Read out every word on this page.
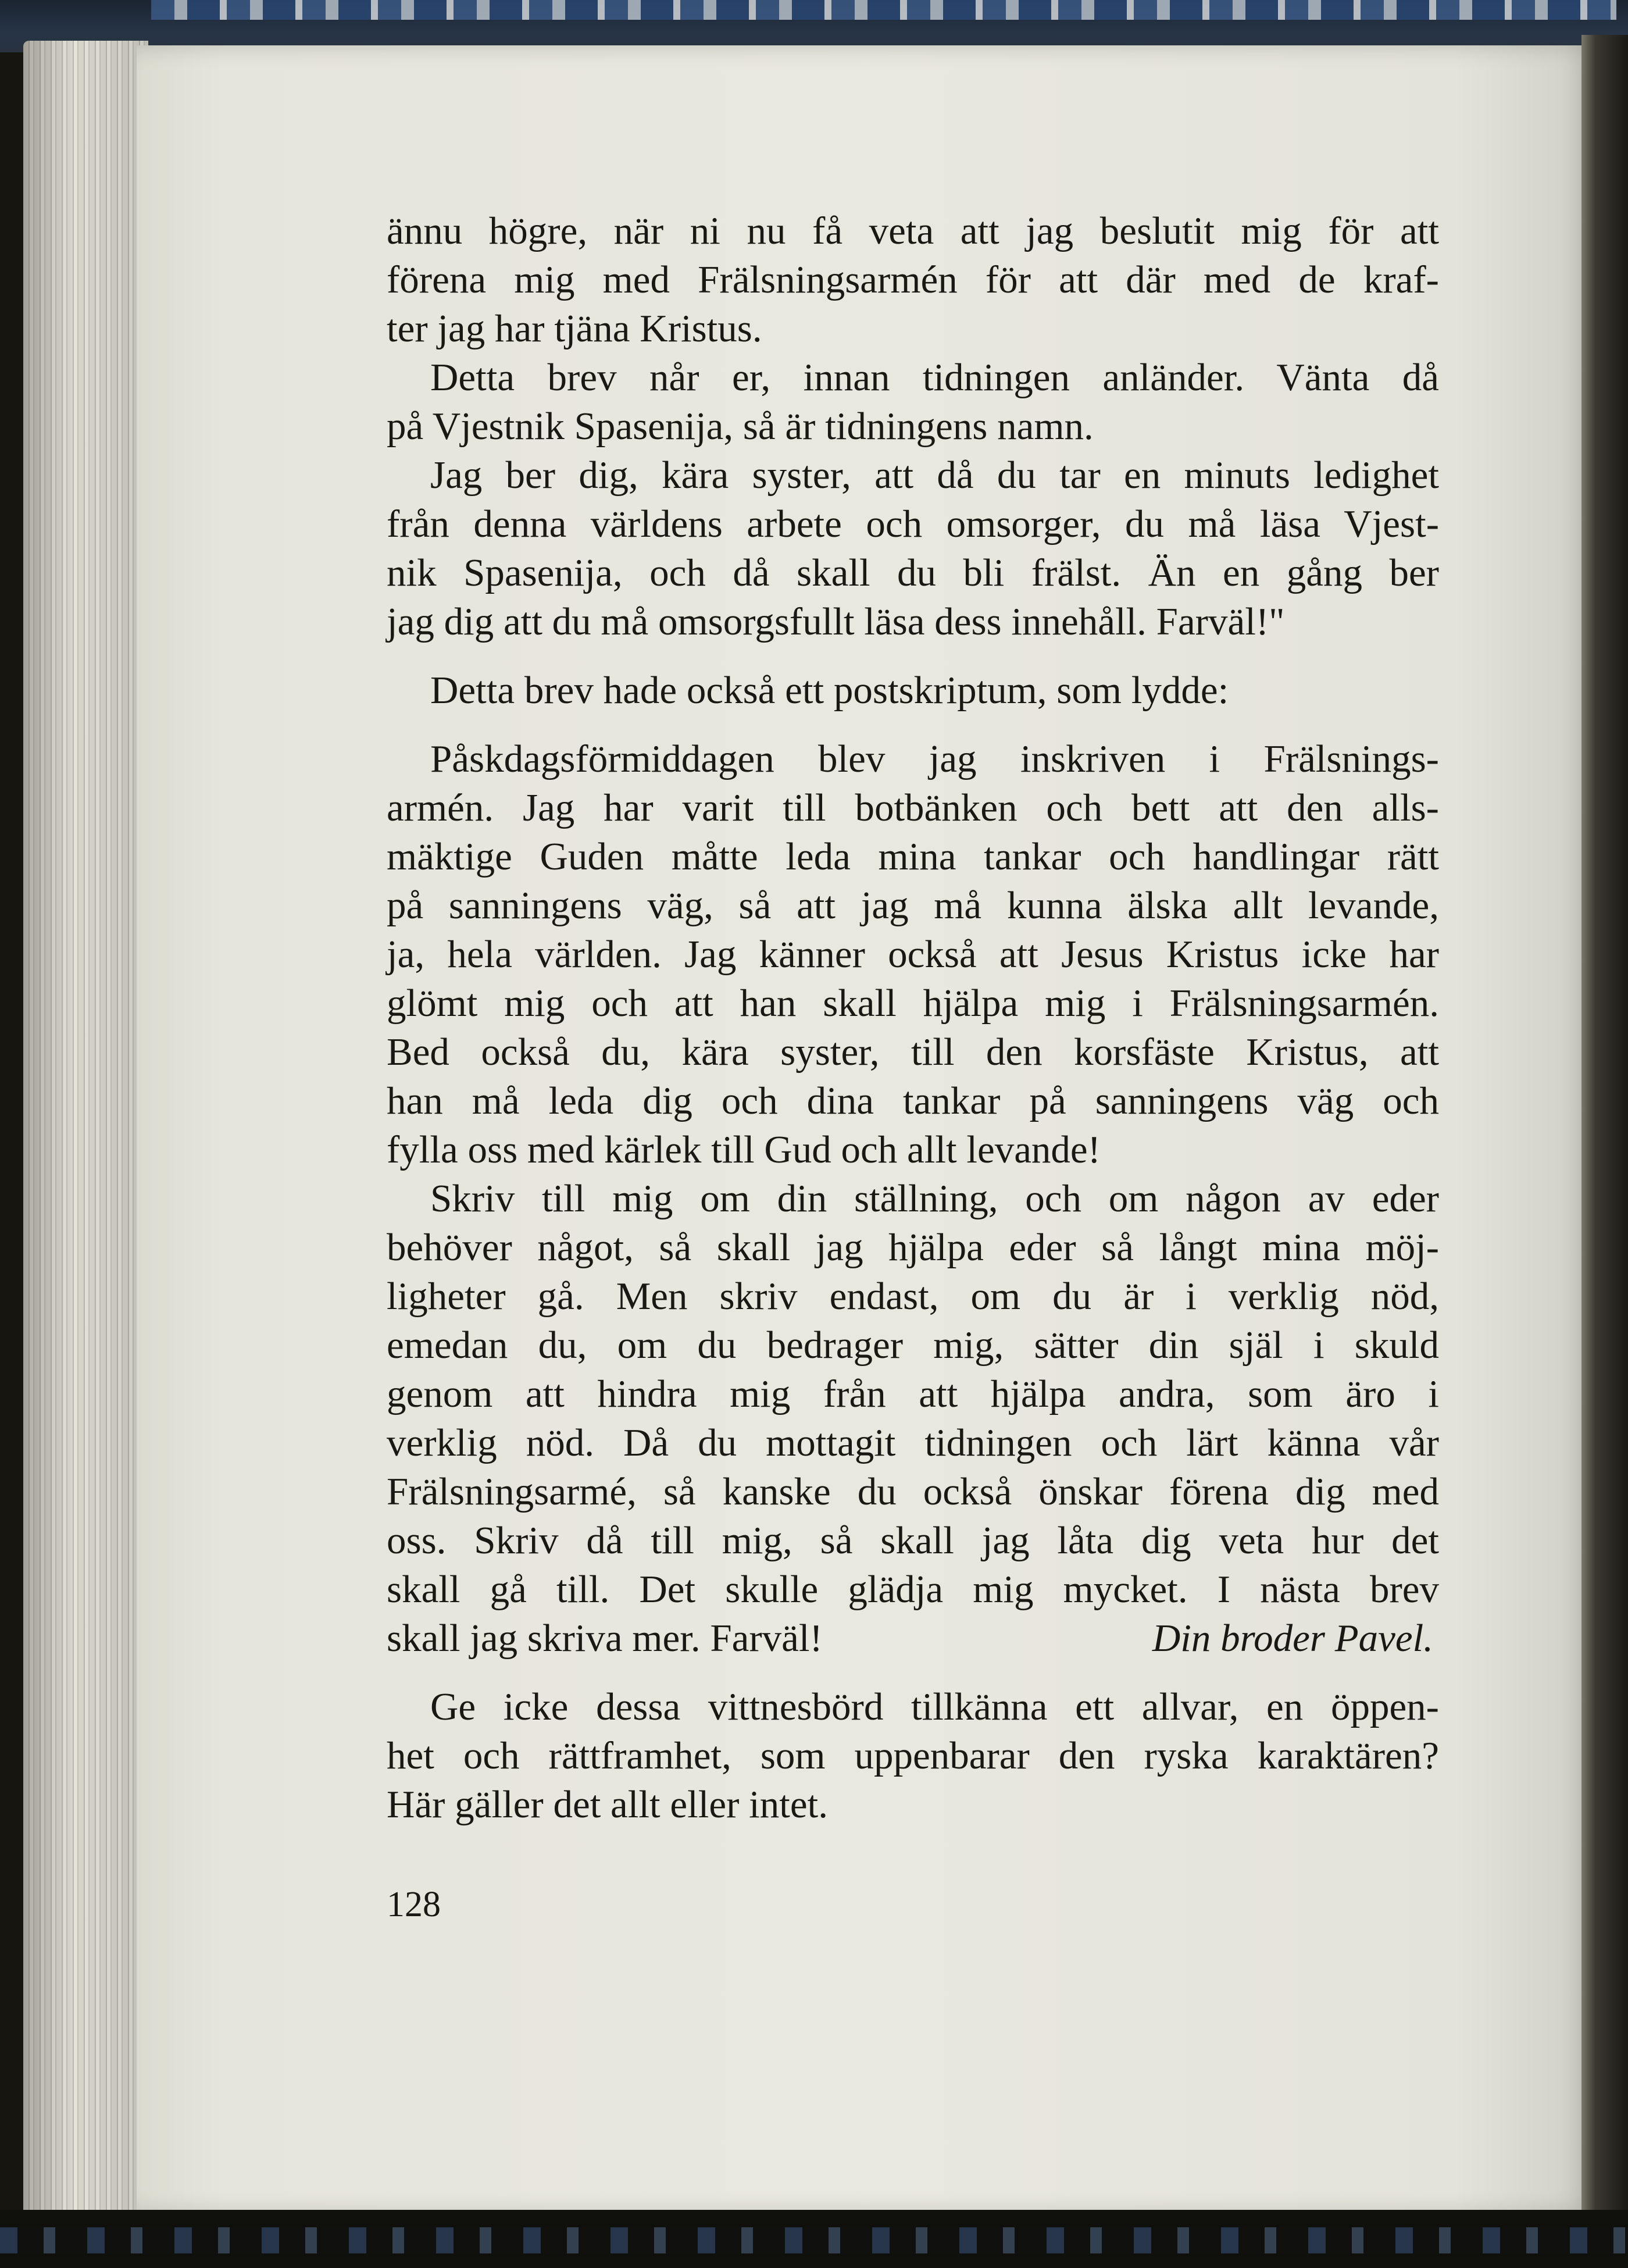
ännu högre, när ni nu få veta att jag beslutit mig för att
förena mig med Frälsningsarmén för att där med de kraf-
ter jag har tjäna Kristus.
Detta brev når er, innan tidningen anländer. Vänta då
på Vjestnik Spasenija, så är tidningens namn.
Jag ber dig, kära syster, att då du tar en minuts ledighet
från denna världens arbete och omsorger, du må läsa Vjest-
nik Spasenija, och då skall du bli frälst. Än en gång ber
jag dig att du må omsorgsfullt läsa dess innehåll. Farväl!"
Detta brev hade också ett postskriptum, som lydde:
Påskdagsförmiddagen blev jag inskriven i Frälsnings-
armén. Jag har varit till botbänken och bett att den alls-
mäktige Guden måtte leda mina tankar och handlingar rätt
på sanningens väg, så att jag må kunna älska allt levande,
ja, hela världen. Jag känner också att Jesus Kristus icke har
glömt mig och att han skall hjälpa mig i Frälsningsarmén.
Bed också du, kära syster, till den korsfäste Kristus, att
han må leda dig och dina tankar på sanningens väg och
fylla oss med kärlek till Gud och allt levande!
Skriv till mig om din ställning, och om någon av eder
behöver något, så skall jag hjälpa eder så långt mina möj-
ligheter gå. Men skriv endast, om du är i verklig nöd,
emedan du, om du bedrager mig, sätter din själ i skuld
genom att hindra mig från att hjälpa andra, som äro i
verklig nöd. Då du mottagit tidningen och lärt känna vår
Frälsningsarmé, så kanske du också önskar förena dig med
oss. Skriv då till mig, så skall jag låta dig veta hur det
skall gå till. Det skulle glädja mig mycket. I nästa brev
skall jag skriva mer. Farväl!	Din broder Pavel.
Ge icke dessa vittnesbörd tillkänna ett allvar, en öppen-
het och rättframhet, som uppenbarar den ryska karaktären?
Här gäller det allt eller intet.
128
